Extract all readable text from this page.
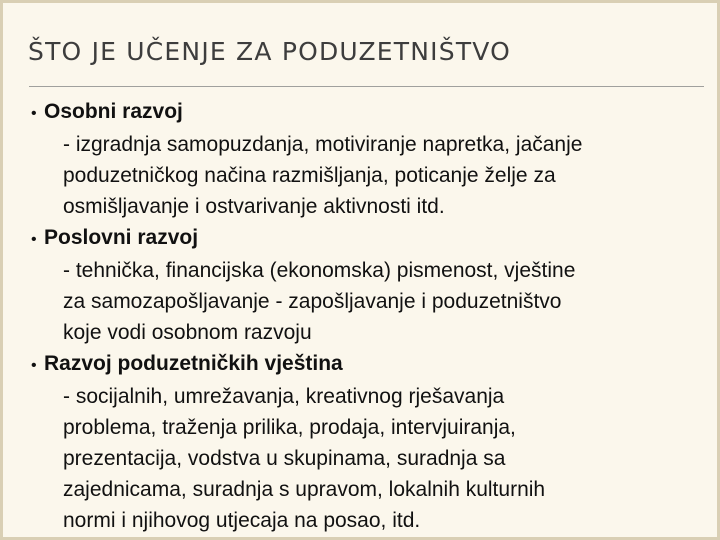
ŠTO JE UČENJE ZA PODUZETNIŠTVO
• Osobni razvoj
- izgradnja samopuzdanja, motiviranje napretka, jačanje
poduzetničkog načina razmišljanja, poticanje želje za
osmišljavanje i ostvarivanje aktivnosti itd.
• Poslovni razvoj
- tehnička, financijska (ekonomska) pismenost, vještine
za samozapošljavanje - zapošljavanje i poduzetništvo
koje vodi osobnom razvoju
• Razvoj poduzetničkih vještina
- socijalnih, umrežavanja, kreativnog rješavanja
problema, traženja prilika, prodaja, intervjuiranja,
prezentacija, vodstva u skupinama, suradnja sa
zajednicama, suradnja s upravom, lokalnih kulturnih
normi i njihovog utjecaja na posao, itd.
